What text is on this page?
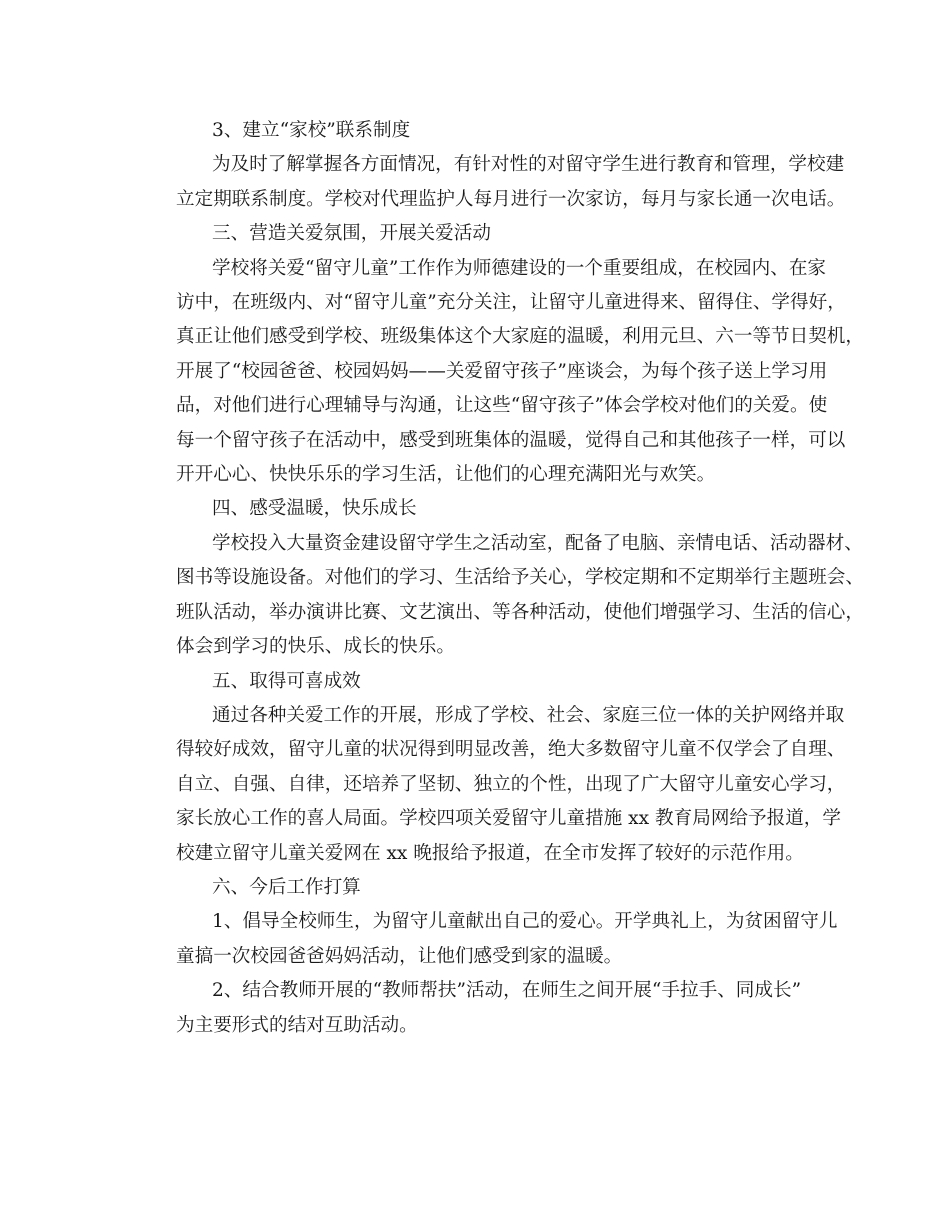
3、建立“家校”联系制度

为及时了解掌握各方面情况，有针对性的对留守学生进行教育和管理，学校建
立定期联系制度。学校对代理监护人每月进行一次家访，每月与家长通一次电话。

三、营造关爱氛围，开展关爱活动

学校将关爱“留守儿童”工作作为师德建设的一个重要组成，在校园内、在家
访中，在班级内、对“留守儿童”充分关注，让留守儿童进得来、留得住、学得好，
真正让他们感受到学校、班级集体这个大家庭的温暖，利用元旦、六一等节日契机，
开展了“校园爸爸、校园妈妈——关爱留守孩子”座谈会，为每个孩子送上学习用
品，对他们进行心理辅导与沟通，让这些“留守孩子”体会学校对他们的关爱。使
每一个留守孩子在活动中，感受到班集体的温暖，觉得自己和其他孩子一样，可以
开开心心、快快乐乐的学习生活，让他们的心理充满阳光与欢笑。

四、感受温暖，快乐成长

学校投入大量资金建设留守学生之活动室，配备了电脑、亲情电话、活动器材、
图书等设施设备。对他们的学习、生活给予关心，学校定期和不定期举行主题班会、
班队活动，举办演讲比赛、文艺演出、等各种活动，使他们增强学习、生活的信心，
体会到学习的快乐、成长的快乐。

五、取得可喜成效

通过各种关爱工作的开展，形成了学校、社会、家庭三位一体的关护网络并取
得较好成效，留守儿童的状况得到明显改善，绝大多数留守儿童不仅学会了自理、
自立、自强、自律，还培养了坚韧、独立的个性，出现了广大留守儿童安心学习，
家长放心工作的喜人局面。学校四项关爱留守儿童措施 xx 教育局网给予报道，学
校建立留守儿童关爱网在 xx 晚报给予报道，在全市发挥了较好的示范作用。

六、今后工作打算

1、倡导全校师生，为留守儿童献出自己的爱心。开学典礼上，为贫困留守儿
童搞一次校园爸爸妈妈活动，让他们感受到家的温暖。

2、结合教师开展的“教师帮扶”活动，在师生之间开展“手拉手、同成长”
为主要形式的结对互助活动。
